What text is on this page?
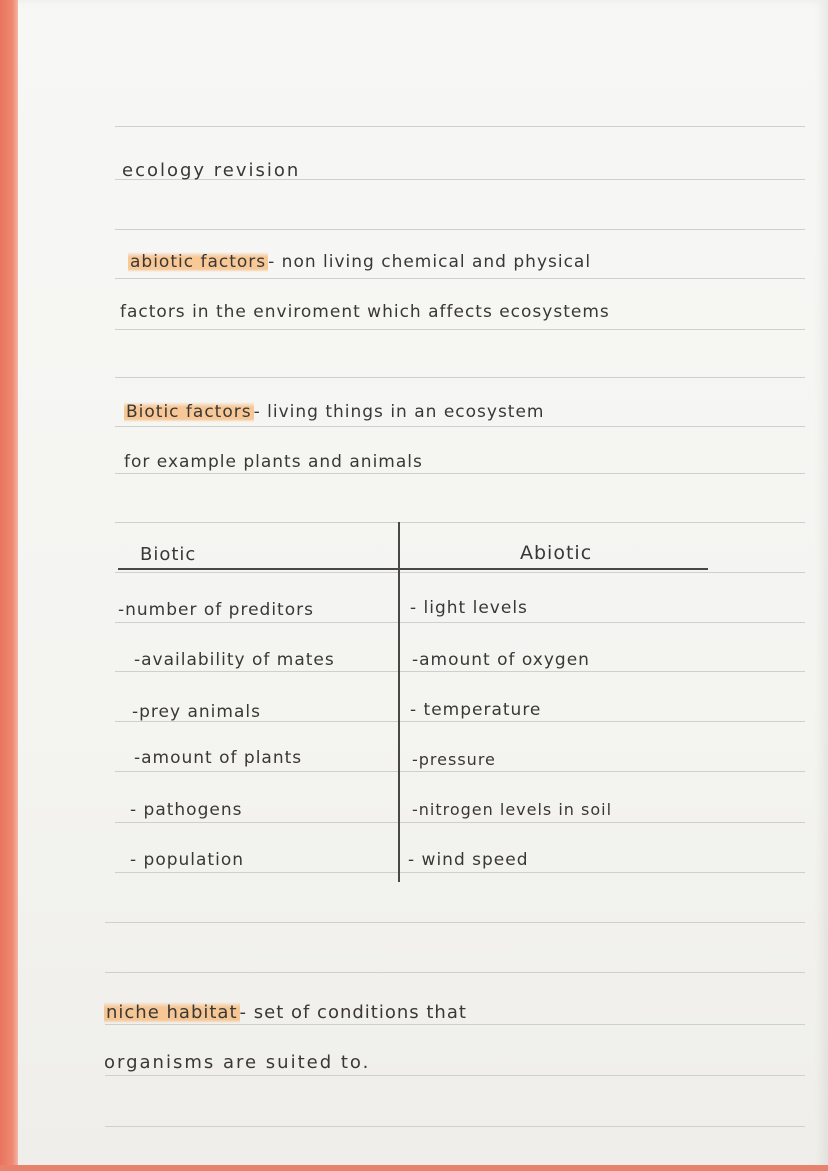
ecology revision
abiotic factors - non living chemical and physical
factors in the enviroment which affects ecosystems
Biotic factors - living things in an ecosystem
for example plants and animals
Biotic	Abiotic
-number of preditors
-availability of mates
-prey animals
-amount of plants
- pathogens
- population
- light levels
-amount of oxygen
- temperature
-pressure
-nitrogen levels in soil
- wind speed
niche habitat - set of conditions that
organisms are suited to.
